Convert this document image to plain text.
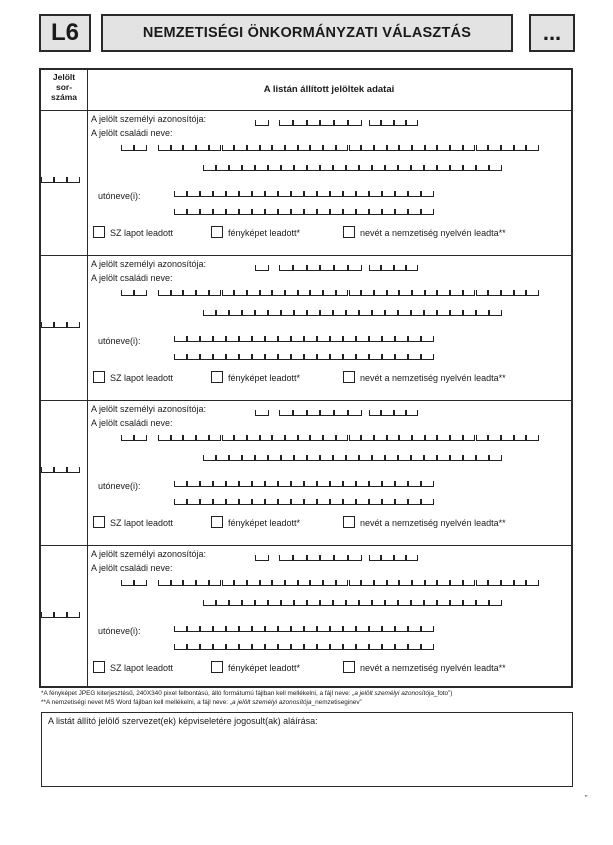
L6	NEMZETISÉGI ÖNKORMÁNYZATI VÁLASZTÁS	...
Jelölt
sor-
száma
A listán állított jelöltek adatai
A jelölt személyi azonosítója:
A jelölt családi neve:
utóneve(i):
SZ lapot leadott	fényképet leadott*	nevét a nemzetiség nyelvén leadta**
A jelölt személyi azonosítója:
A jelölt családi neve:
utóneve(i):
SZ lapot leadott	fényképet leadott*	nevét a nemzetiség nyelvén leadta**
A jelölt személyi azonosítója:
A jelölt családi neve:
utóneve(i):
SZ lapot leadott	fényképet leadott*	nevét a nemzetiség nyelvén leadta**
A jelölt személyi azonosítója:
A jelölt családi neve:
utóneve(i):
SZ lapot leadott	fényképet leadott*	nevét a nemzetiség nyelvén leadta**
*A fényképet JPEG kiterjesztésű, 240X340 pixel felbontású, álló formátumú fájlban kell mellékelni, a fájl neve: „a jelölt személyi azonosítója_foto”)
**A nemzetiségi nevet MS Word fájlban kell mellékelni, a fájl neve: „a jelölt személyi azonosítója_nemzetiseginev”
A listát állító jelölő szervezet(ek) képviseletére jogosult(ak) aláírása:
"
